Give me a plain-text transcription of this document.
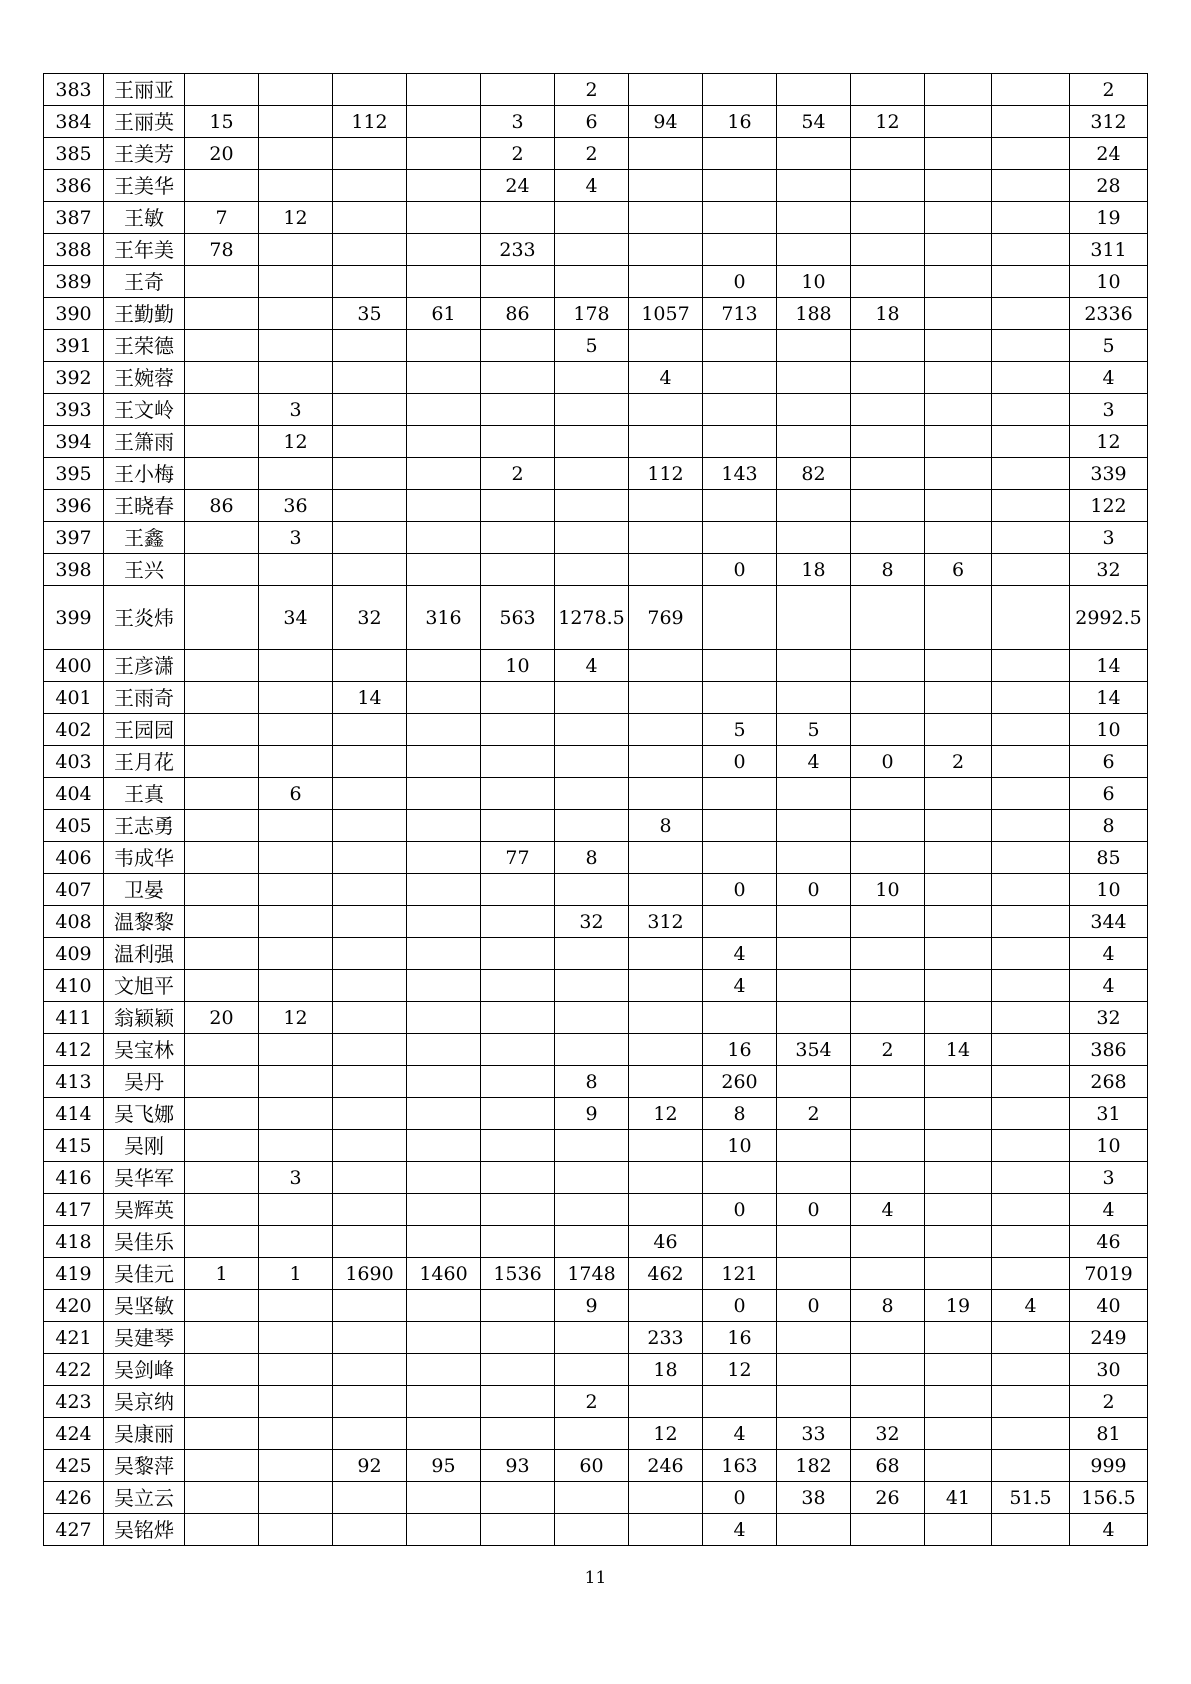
383	王丽亚						2							2
384	王丽英	15		112		3	6	94	16	54	12			312
385	王美芳	20				2	2							24
386	王美华					24	4							28
387	王敏	7	12											19
388	王年美	78				233								311
389	王奇								0	10				10
390	王勤勤			35	61	86	178	1057	713	188	18			2336
391	王荣德						5							5
392	王婉蓉							4						4
393	王文岭		3											3
394	王箫雨		12											12
395	王小梅					2		112	143	82				339
396	王晓春	86	36											122
397	王鑫		3											3
398	王兴								0	18	8	6		32
399	王炎炜		34	32	316	563	1278.5	769						2992.5

400	王彦潇					10	4							14
401	王雨奇			14										14
402	王园园								5	5				10
403	王月花								0	4	0	2		6
404	王真		6											6
405	王志勇							8						8
406	韦成华					77	8							85
407	卫晏								0	0	10			10
408	温黎黎						32	312						344
409	温利强								4					4
410	文旭平								4					4
411	翁颖颖	20	12											32
412	吴宝林								16	354	2	14		386
413	吴丹						8		260					268
414	吴飞娜						9	12	8	2				31
415	吴刚								10					10
416	吴华军		3											3
417	吴辉英								0	0	4			4
418	吴佳乐							46						46
419	吴佳元	1	1	1690	1460	1536	1748	462	121					7019
420	吴坚敏						9		0	0	8	19	4	40
421	吴建琴							233	16					249
422	吴剑峰							18	12					30
423	吴京纳						2							2
424	吴康丽							12	4	33	32			81
425	吴黎萍			92	95	93	60	246	163	182	68			999
426	吴立云								0	38	26	41	51.5	156.5
427	吴铭烨								4					4
11
